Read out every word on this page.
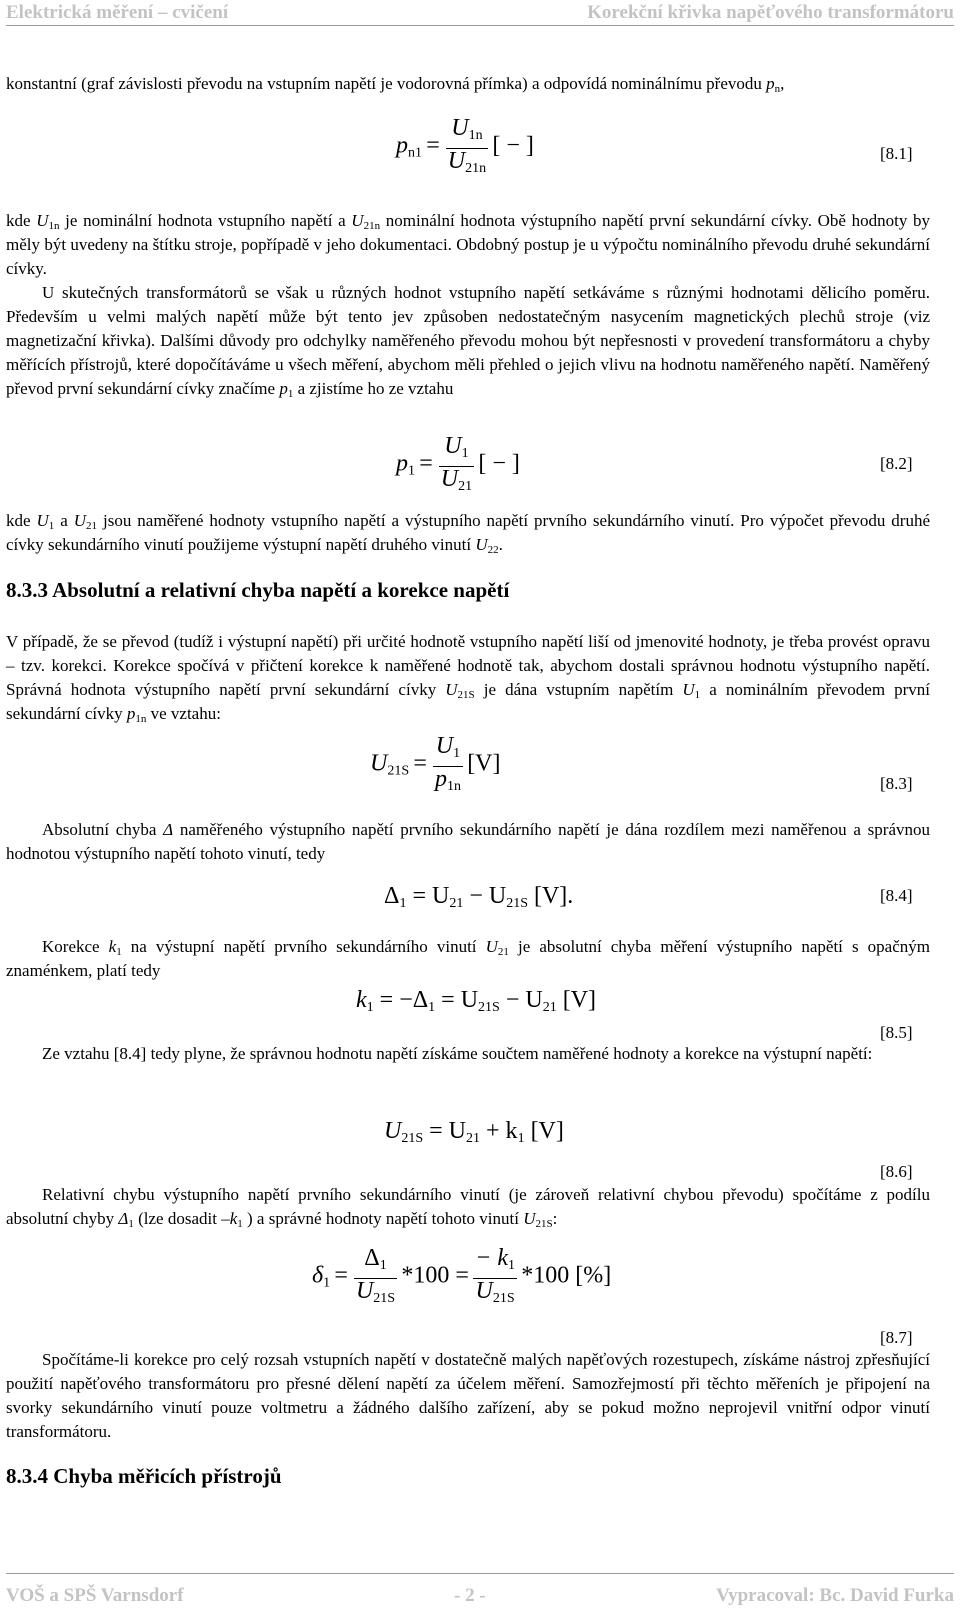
Elektrická měření – cvičení	Korekční křivka napěťového transformátoru
konstantní (graf závislosti převodu na vstupním napětí je vodorovná přímka) a odpovídá nominálnímu převodu $p_n$,
$p_{n1} = \frac{U1n}{U21n}$ [ − ]	[8.1]
kde $U_{1n}$ je nominální hodnota vstupního napětí a $U_{21n}$ nominální hodnota výstupního napětí první sekundární cívky. Obě hodnoty by měly být uvedeny na štítku stroje, popřípadě v jeho dokumentaci. Obdobný postup je u výpočtu nominálního převodu druhé sekundární cívky.
U skutečných transformátorů se však u různých hodnot vstupního napětí setkáváme s různými hodnotami dělicího poměru. Především u velmi malých napětí může být tento jev způsoben nedostatečným nasycením magnetických plechů stroje (viz magnetizační křivka). Dalšími důvody pro odchylky naměřeného převodu mohou být nepřesnosti v provedení transformátoru a chyby měřících přístrojů, které dopočítáváme u všech měření, abychom měli přehled o jejich vlivu na hodnotu naměřeného napětí. Naměřený převod první sekundární cívky značíme $p_1$ a zjistíme ho ze vztahu
$p_1 = \frac{U1}{U21}$ [ − ]	[8.2]
kde $U_1$ a $U_{21}$ jsou naměřené hodnoty vstupního napětí a výstupního napětí prvního sekundárního vinutí. Pro výpočet převodu druhé cívky sekundárního vinutí použijeme výstupní napětí druhého vinutí $U_{22}$.
8.3.3 Absolutní a relativní chyba napětí a korekce napětí
V případě, že se převod (tudíž i výstupní napětí) při určité hodnotě vstupního napětí liší od jmenovité hodnoty, je třeba provést opravu – tzv. korekci. Korekce spočívá v přičtení korekce k naměřené hodnotě tak, abychom dostali správnou hodnotu výstupního napětí. Správná hodnota výstupního napětí první sekundární cívky $U_{21S}$ je dána vstupním napětím $U_1$ a nominálním převodem první sekundární cívky $p_{1n}$ ve vztahu:
$U_{21S} = \frac{U1}{p1n} [V]$
[8.3]
Absolutní chyba Δ naměřeného výstupního napětí prvního sekundárního napětí je dána rozdílem mezi naměřenou a správnou hodnotou výstupního napětí tohoto vinutí, tedy
Δ1 = U21 − U21S [V].	[8.4]
Korekce $k_1$ na výstupní napětí prvního sekundárního vinutí $U_{21}$ je absolutní chyba měření výstupního napětí s opačným znaménkem, platí tedy
k1 = −Δ1 = U21S − U21 [V]
[8.5]
Ze vztahu [8.4] tedy plyne, že správnou hodnotu napětí získáme součtem naměřené hodnoty a korekce na výstupní napětí:
U21S = U21 + k1 [V]
[8.6]
Relativní chybu výstupního napětí prvního sekundárního vinutí (je zároveň relativní chybou převodu) spočítáme z podílu absolutní chyby $\Delta_1$ (lze dosadit $-k_1$ ) a správné hodnoty napětí tohoto vinutí $U_{21S}$:
$\delta_1 = \frac{\Delta 1}{U21S} *100 = \frac{- k1}{U21S} *100$ [%]
[8.7]
Spočítáme-li korekce pro celý rozsah vstupních napětí v dostatečně malých napěťových rozestupech, získáme nástroj zpřesňující použití napěťového transformátoru pro přesné dělení napětí za účelem měření. Samozřejmostí při těchto měřeních je připojení na svorky sekundárního vinutí pouze voltmetru a žádného dalšího zařízení, aby se pokud možno neprojevil vnitřní odpor vinutí transformátoru.
8.3.4 Chyba měřicích přístrojů
VOŠ a SPŠ Varnsdorf	- 2 -	Vypracoval: Bc. David Furka
